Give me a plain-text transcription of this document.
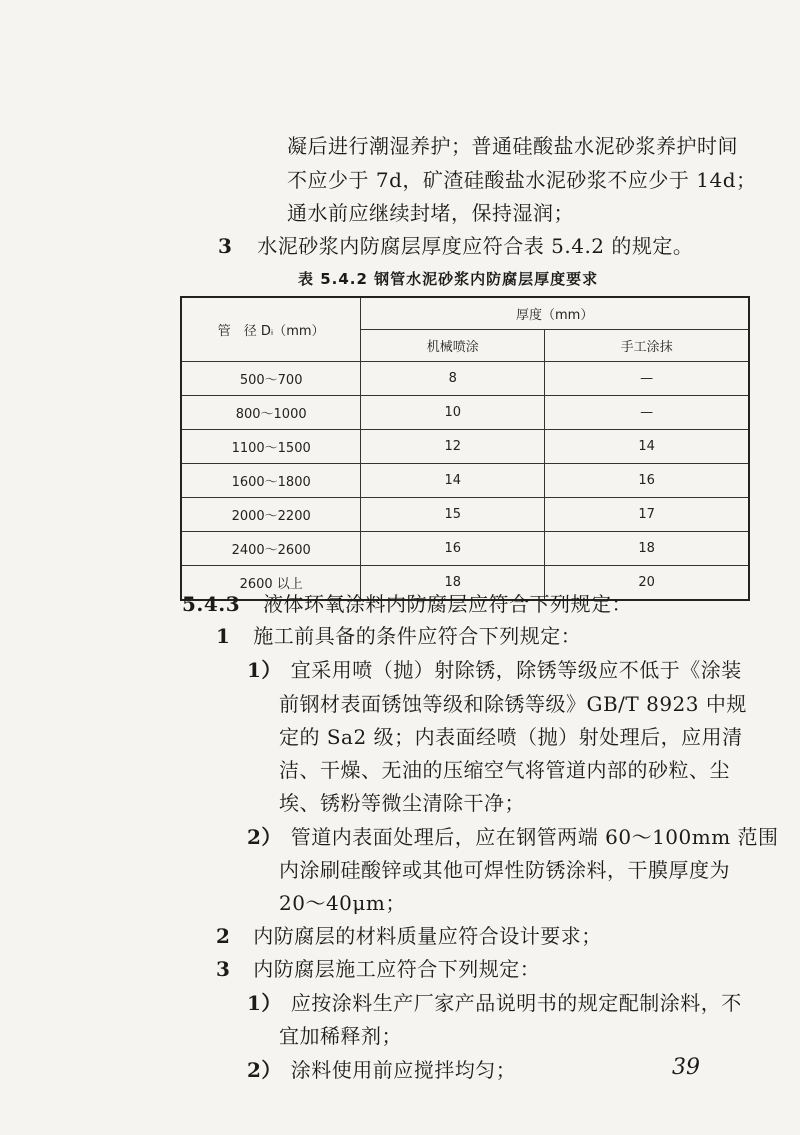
凝后进行潮湿养护；普通硅酸盐水泥砂浆养护时间
不应少于 7d，矿渣硅酸盐水泥砂浆不应少于 14d；
通水前应继续封堵，保持湿润；
3 水泥砂浆内防腐层厚度应符合表 5.4.2 的规定。
表 5.4.2 钢管水泥砂浆内防腐层厚度要求
管　径 Dᵢ（mm）	厚度（mm）	
	机械喷涂	手工涂抹
500～700	8	—
800～1000	10	—
1100～1500	12	14
1600～1800	14	16
2000～2200	15	17
2400～2600	16	18
2600 以上	18	20
5.4.3 液体环氧涂料内防腐层应符合下列规定：
1 施工前具备的条件应符合下列规定：
1） 宜采用喷（抛）射除锈，除锈等级应不低于《涂装
前钢材表面锈蚀等级和除锈等级》GB/T 8923 中规
定的 Sa2 级；内表面经喷（抛）射处理后，应用清
洁、干燥、无油的压缩空气将管道内部的砂粒、尘
埃、锈粉等微尘清除干净；
2） 管道内表面处理后，应在钢管两端 60～100mm 范围
内涂刷硅酸锌或其他可焊性防锈涂料，干膜厚度为
20～40μm；
2 内防腐层的材料质量应符合设计要求；
3 内防腐层施工应符合下列规定：
1） 应按涂料生产厂家产品说明书的规定配制涂料，不
宜加稀释剂；
2） 涂料使用前应搅拌均匀；	39
